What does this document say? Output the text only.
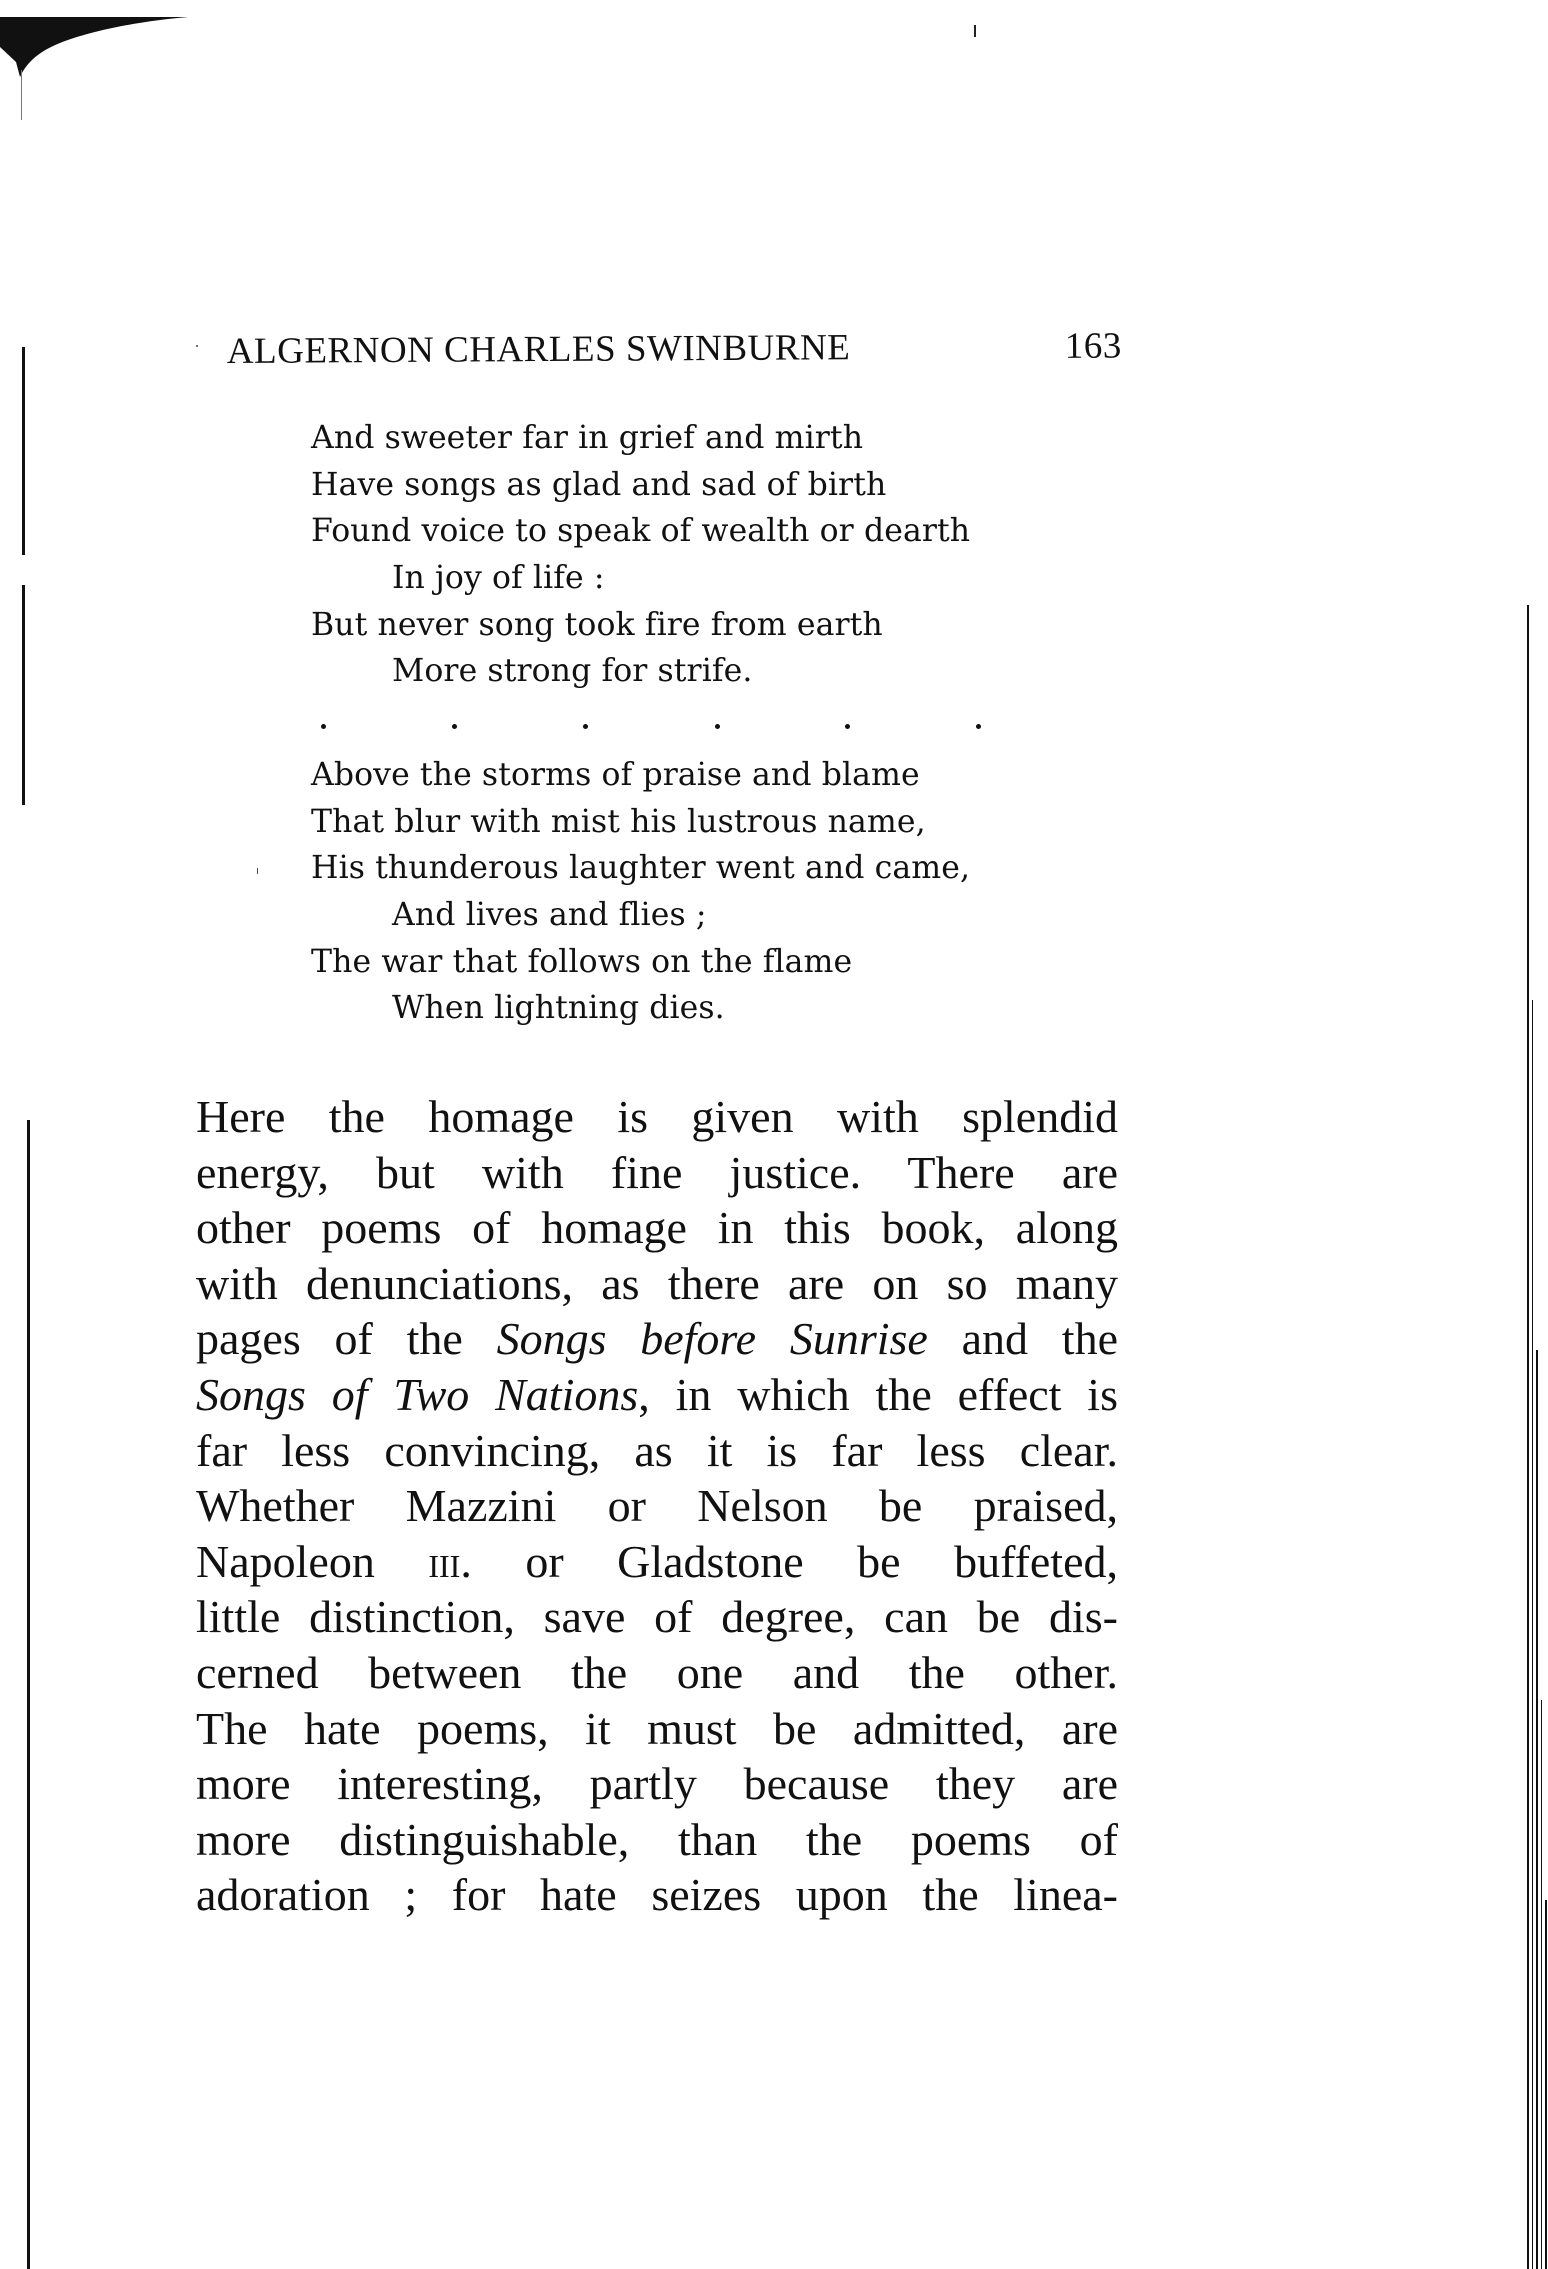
ALGERNON CHARLES SWINBURNE	163
And sweeter far in grief and mirth
Have songs as glad and sad of birth
Found voice to speak of wealth or dearth
In joy of life :
But never song took fire from earth
More strong for strife.
Above the storms of praise and blame
That blur with mist his lustrous name,
His thunderous laughter went and came,
And lives and flies ;
The war that follows on the flame
When lightning dies.
Here the homage is given with splendid
energy, but with fine justice. There are
other poems of homage in this book, along
with denunciations, as there are on so many
pages of the Songs before Sunrise and the
Songs of Two Nations, in which the effect is
far less convincing, as it is far less clear.
Whether Mazzini or Nelson be praised,
Napoleon iii. or Gladstone be buffeted,
little distinction, save of degree, can be dis-
cerned between the one and the other.
The hate poems, it must be admitted, are
more interesting, partly because they are
more distinguishable, than the poems of
adoration ; for hate seizes upon the linea-
